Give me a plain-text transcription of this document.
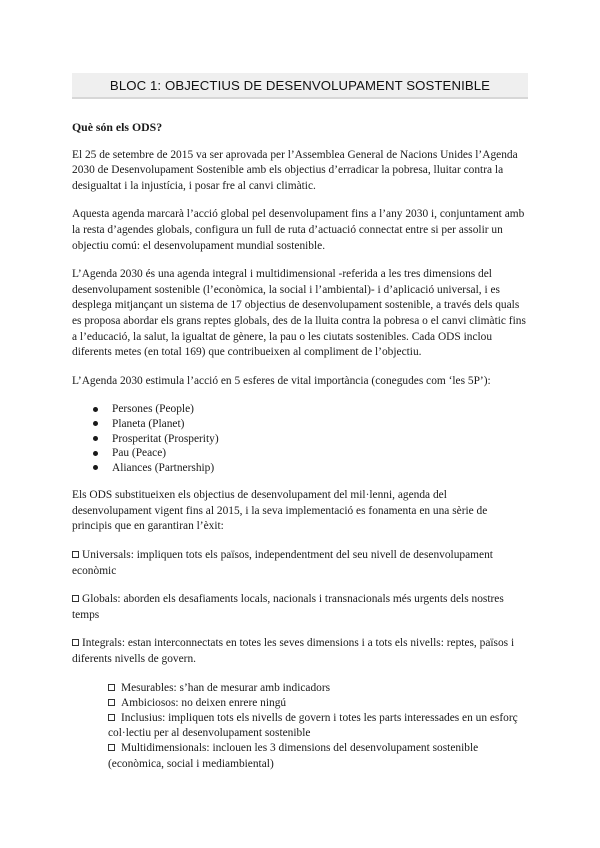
BLOC 1: OBJECTIUS DE DESENVOLUPAMENT SOSTENIBLE
Què són els ODS?

El 25 de setembre de 2015 va ser aprovada per l’Assemblea General de Nacions Unides l’Agenda 2030 de Desenvolupament Sostenible amb els objectius d’erradicar la pobresa, lluitar contra la desigualtat i la injustícia, i posar fre al canvi climàtic.

Aquesta agenda marcarà l’acció global pel desenvolupament fins a l’any 2030 i, conjuntament amb la resta d’agendes globals, configura un full de ruta d’actuació connectat entre si per assolir un objectiu comú: el desenvolupament mundial sostenible.

L’Agenda 2030 és una agenda integral i multidimensional -referida a les tres dimensions del desenvolupament sostenible (l’econòmica, la social i l’ambiental)- i d’aplicació universal, i es desplega mitjançant un sistema de 17 objectius de desenvolupament sostenible, a través dels quals es proposa abordar els grans reptes globals, des de la lluita contra la pobresa o el canvi climàtic fins a l’educació, la salut, la igualtat de gènere, la pau o les ciutats sostenibles. Cada ODS inclou diferents metes (en total 169) que contribueixen al compliment de l’objectiu.

L’Agenda 2030 estimula l’acció en 5 esferes de vital importància (conegudes com ‘les 5P’):

Persones (People)
Planeta (Planet)
Prosperitat (Prosperity)
Pau (Peace)
Aliances (Partnership)

Els ODS substitueixen els objectius de desenvolupament del mil·lenni, agenda del desenvolupament vigent fins al 2015, i la seva implementació es fonamenta en una sèrie de principis que en garantiran l’èxit:

Universals: impliquen tots els països, independentment del seu nivell de desenvolupament econòmic

Globals: aborden els desafiaments locals, nacionals i transnacionals més urgents dels nostres temps

Integrals: estan interconnectats en totes les seves dimensions i a tots els nivells: reptes, països i diferents nivells de govern.

Mesurables: s’han de mesurar amb indicadors
Ambiciosos: no deixen enrere ningú
Inclusius: impliquen tots els nivells de govern i totes les parts interessades en un esforç col·lectiu per al desenvolupament sostenible
Multidimensionals: inclouen les 3 dimensions del desenvolupament sostenible (econòmica, social i mediambiental)
